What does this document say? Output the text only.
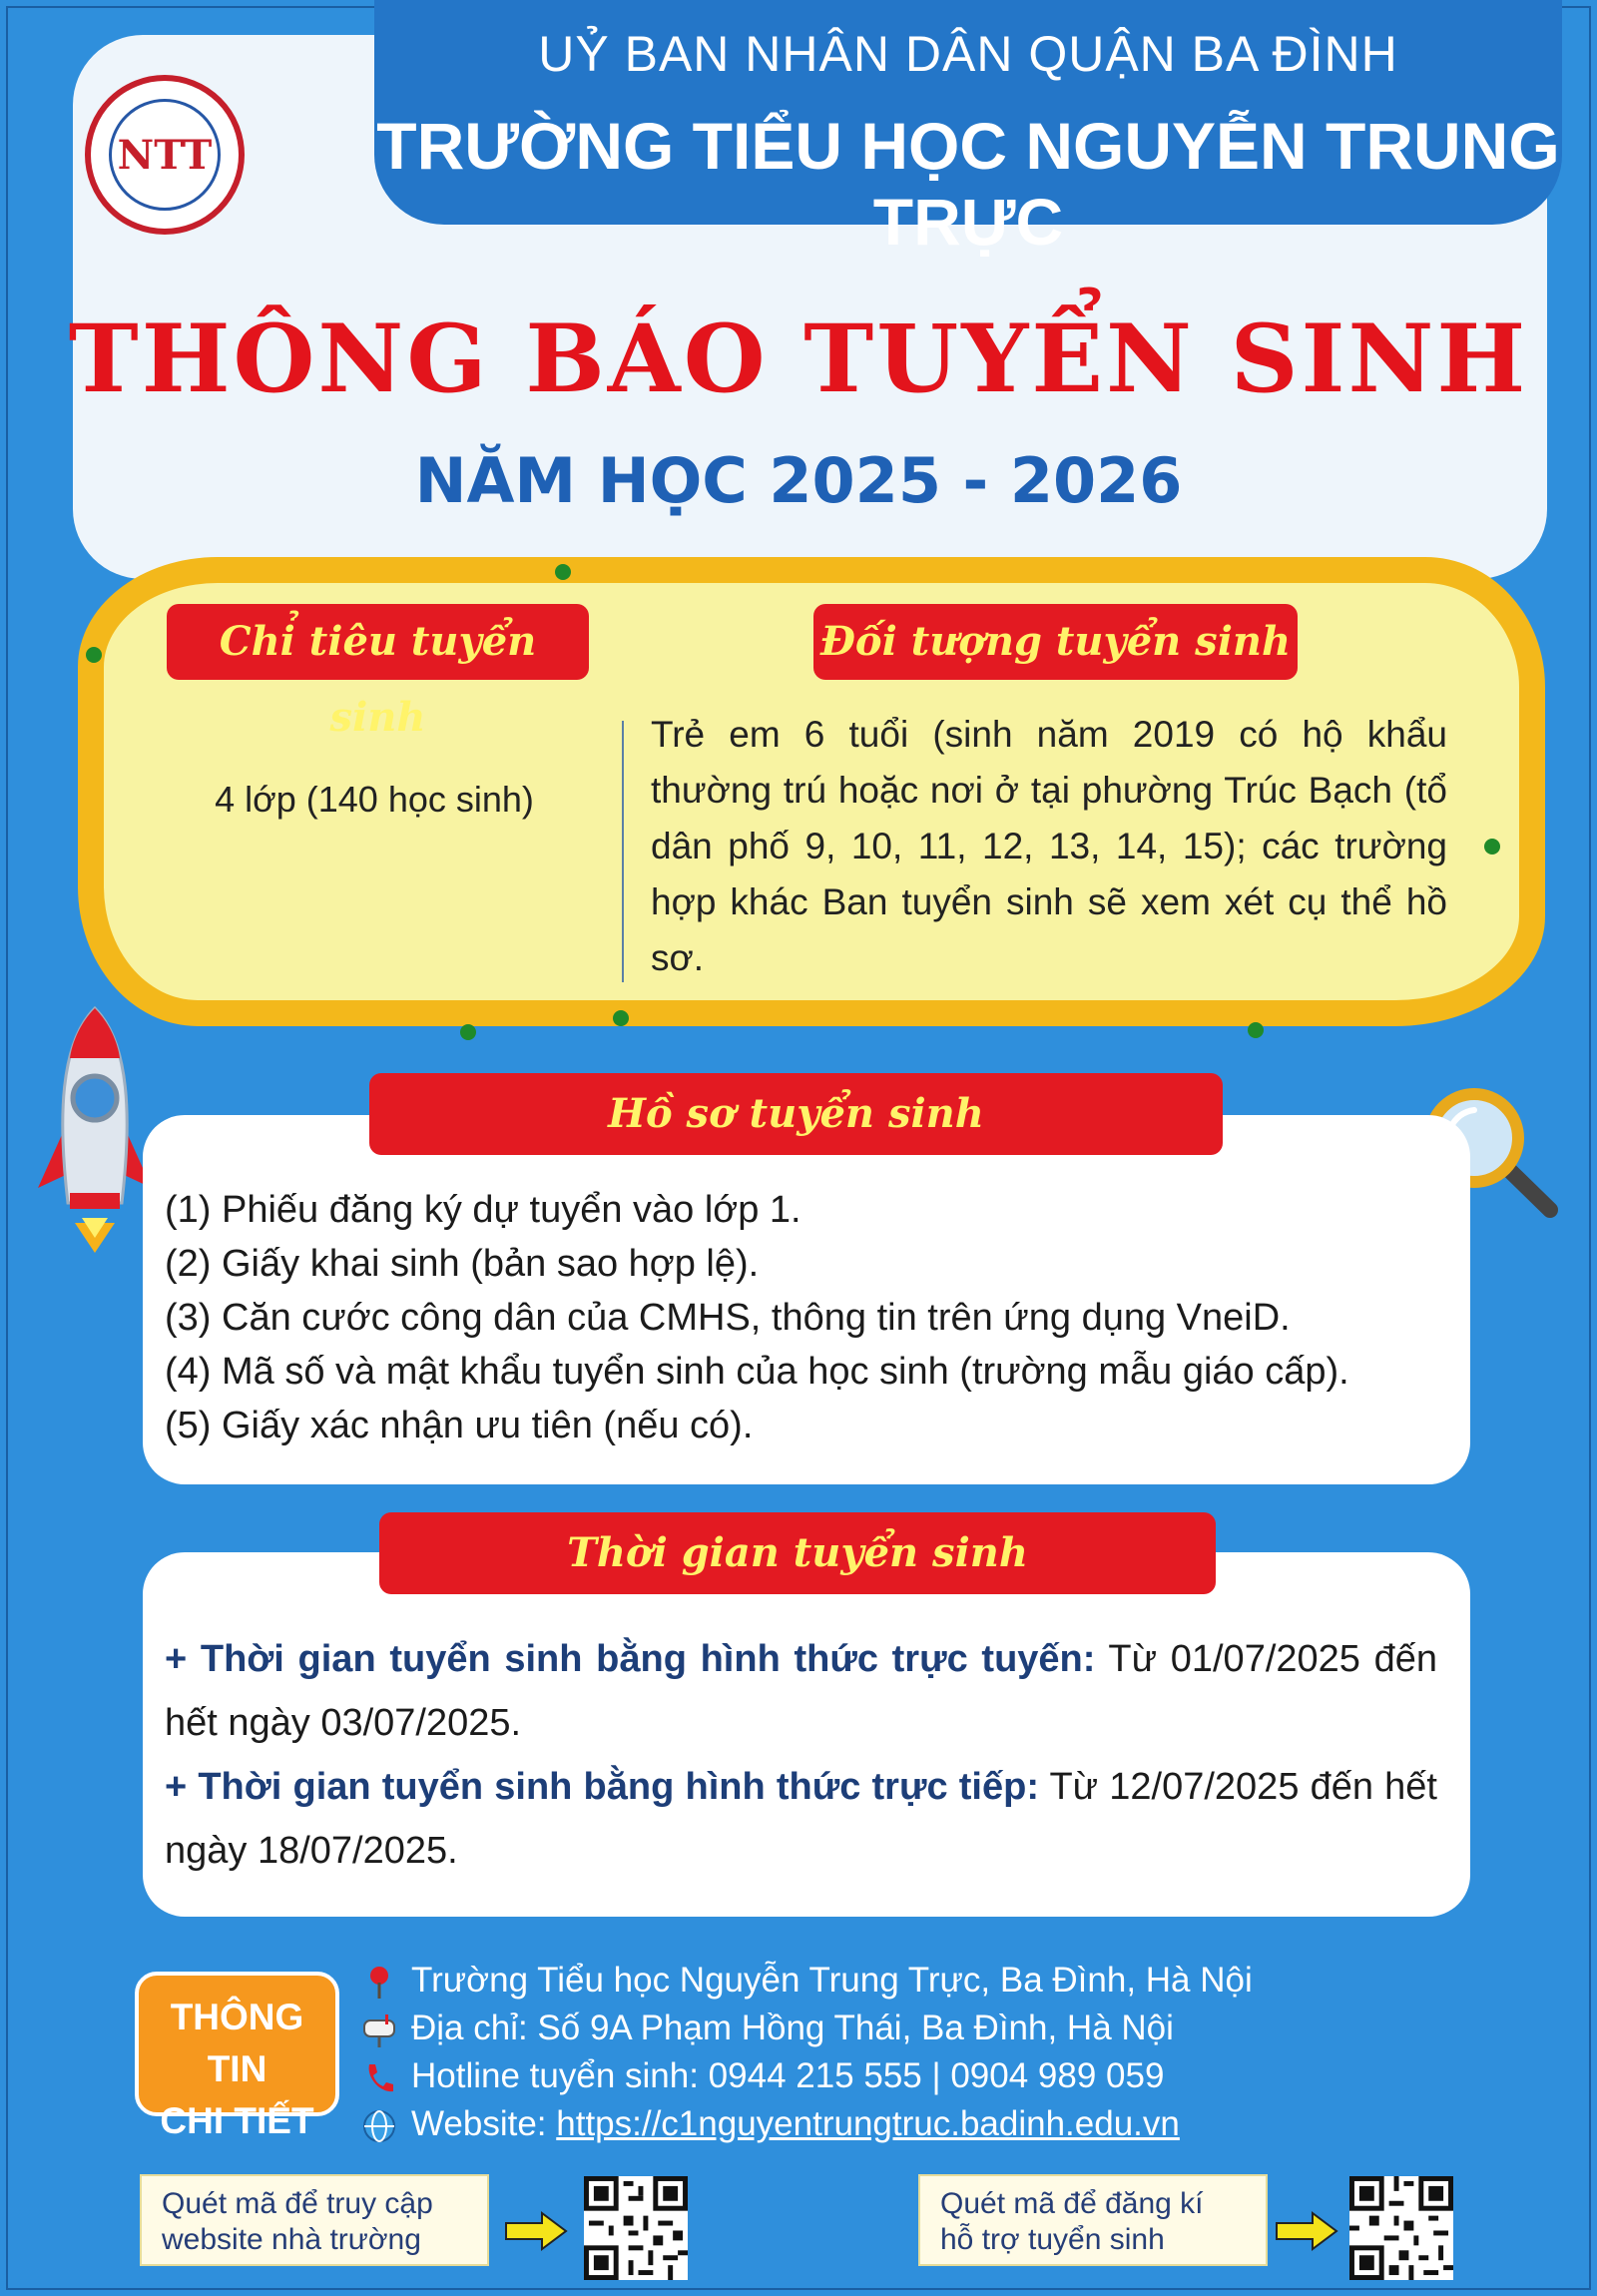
UỶ BAN NHÂN DÂN QUẬN BA ĐÌNH
TRƯỜNG TIỂU HỌC NGUYỄN TRUNG TRỰC
NTT
THÔNG BÁO TUYỂN SINH
NĂM HỌC 2025 - 2026
Chỉ tiêu tuyển sinh
Đối tượng tuyển sinh
4 lớp (140 học sinh)
Trẻ em 6 tuổi (sinh năm 2019 có hộ khẩu thường trú hoặc nơi ở tại phường Trúc Bạch (tổ dân phố 9, 10, 11, 12, 13, 14, 15); các trường hợp khác Ban tuyển sinh sẽ xem xét cụ thể hồ sơ.
Hồ sơ tuyển sinh
(1) Phiếu đăng ký dự tuyển vào lớp 1.
(2) Giấy khai sinh (bản sao hợp lệ).
(3) Căn cước công dân của CMHS, thông tin trên ứng dụng VneiD.
(4) Mã số và mật khẩu tuyển sinh của học sinh (trường mẫu giáo cấp).
(5) Giấy xác nhận ưu tiên (nếu có).
Thời gian tuyển sinh
+ Thời gian tuyển sinh bằng hình thức trực tuyến: Từ 01/07/2025 đến hết ngày 03/07/2025.
+ Thời gian tuyển sinh bằng hình thức trực tiếp: Từ 12/07/2025 đến hết ngày 18/07/2025.
THÔNG TIN
CHI TIẾT
Trường Tiểu học Nguyễn Trung Trực, Ba Đình, Hà Nội
Địa chỉ: Số 9A Phạm Hồng Thái, Ba Đình, Hà Nội
Hotline tuyển sinh: 0944 215 555 | 0904 989 059
Website: https://c1nguyentrungtruc.badinh.edu.vn
Quét mã để truy cập
website nhà trường
Quét mã để đăng kí
hỗ trợ tuyển sinh
